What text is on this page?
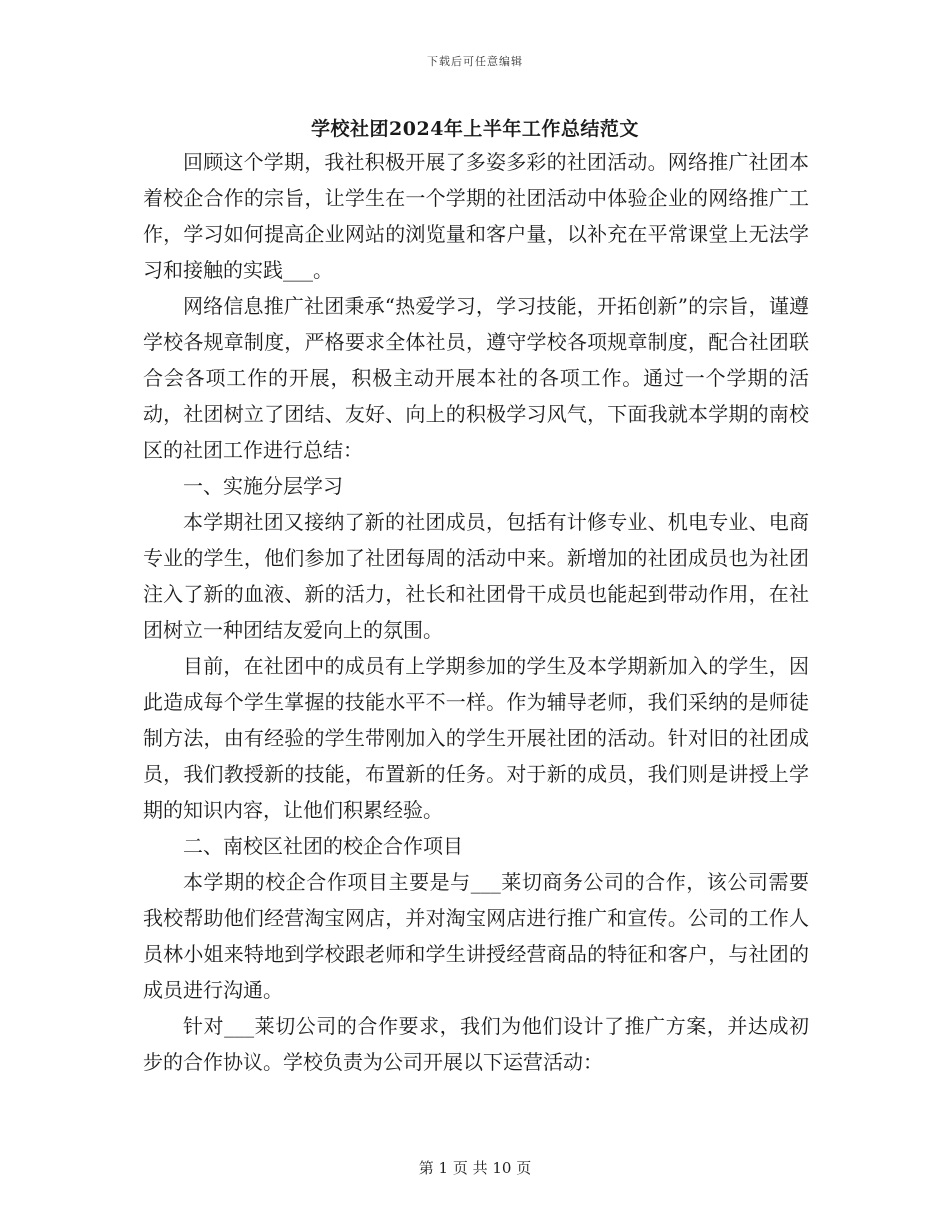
下载后可任意编辑
学校社团2024年上半年工作总结范文

回顾这个学期，我社积极开展了多姿多彩的社团活动。网络推广社团本着校企合作的宗旨，让学生在一个学期的社团活动中体验企业的网络推广工作，学习如何提高企业网站的浏览量和客户量，以补充在平常课堂上无法学习和接触的实践___。

网络信息推广社团秉承“热爱学习，学习技能，开拓创新”的宗旨，谨遵学校各规章制度，严格要求全体社员，遵守学校各项规章制度，配合社团联合会各项工作的开展，积极主动开展本社的各项工作。通过一个学期的活动，社团树立了团结、友好、向上的积极学习风气，下面我就本学期的南校区的社团工作进行总结：

一、实施分层学习

本学期社团又接纳了新的社团成员，包括有计修专业、机电专业、电商专业的学生，他们参加了社团每周的活动中来。新增加的社团成员也为社团注入了新的血液、新的活力，社长和社团骨干成员也能起到带动作用，在社团树立一种团结友爱向上的氛围。

目前，在社团中的成员有上学期参加的学生及本学期新加入的学生，因此造成每个学生掌握的技能水平不一样。作为辅导老师，我们采纳的是师徒制方法，由有经验的学生带刚加入的学生开展社团的活动。针对旧的社团成员，我们教授新的技能，布置新的任务。对于新的成员，我们则是讲授上学期的知识内容，让他们积累经验。

二、南校区社团的校企合作项目

本学期的校企合作项目主要是与___莱切商务公司的合作，该公司需要我校帮助他们经营淘宝网店，并对淘宝网店进行推广和宣传。公司的工作人员林小姐来特地到学校跟老师和学生讲授经营商品的特征和客户，与社团的成员进行沟通。

针对___莱切公司的合作要求，我们为他们设计了推广方案，并达成初步的合作协议。学校负责为公司开展以下运营活动：

第 1 页 共 10 页
